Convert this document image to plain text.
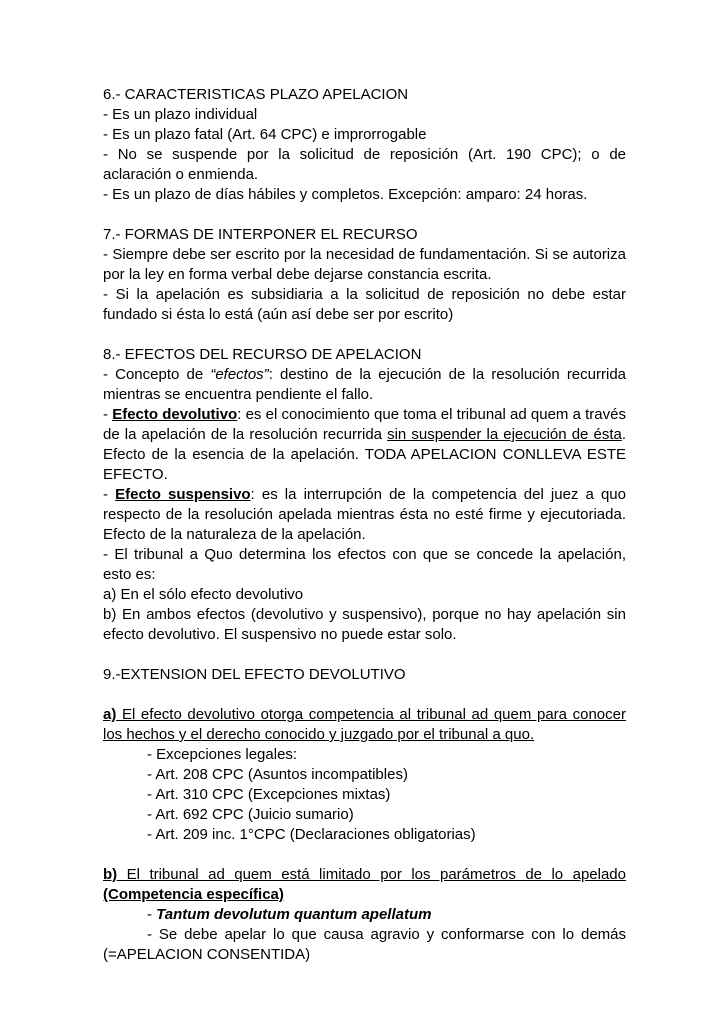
6.- CARACTERISTICAS PLAZO APELACION

- Es un plazo individual

- Es un plazo fatal (Art. 64 CPC) e improrrogable

- No se suspende por la solicitud de reposición (Art. 190 CPC); o de aclaración o enmienda.

- Es un plazo de días hábiles y completos. Excepción: amparo: 24 horas.

7.- FORMAS DE INTERPONER EL RECURSO

- Siempre debe ser escrito por la necesidad de fundamentación. Si se autoriza por la ley en forma verbal debe dejarse constancia escrita.

- Si la apelación es subsidiaria a la solicitud de reposición no debe estar fundado si ésta lo está (aún así debe ser por escrito)

8.- EFECTOS DEL RECURSO DE APELACION

- Concepto de “efectos”: destino de la ejecución de la resolución recurrida mientras se encuentra pendiente el fallo.

- Efecto devolutivo: es el conocimiento que toma el tribunal ad quem a través de la apelación de la resolución recurrida sin suspender la ejecución de ésta. Efecto de la esencia de la apelación. TODA APELACION CONLLEVA ESTE EFECTO.

- Efecto suspensivo: es la interrupción de la competencia del juez a quo respecto de la resolución apelada mientras ésta no esté firme y ejecutoriada. Efecto de la naturaleza de la apelación.

- El tribunal a Quo determina los efectos con que se concede la apelación, esto es:

a) En el sólo efecto devolutivo

b) En ambos efectos (devolutivo y suspensivo), porque no hay apelación sin efecto devolutivo. El suspensivo no puede estar solo.

9.-EXTENSION DEL EFECTO DEVOLUTIVO

a) El efecto devolutivo otorga competencia al tribunal ad quem para conocer los hechos y el derecho conocido y juzgado por el tribunal a quo.

- Excepciones legales:

- Art. 208 CPC (Asuntos incompatibles)

- Art. 310 CPC (Excepciones mixtas)

- Art. 692 CPC (Juicio sumario)

- Art. 209 inc. 1°CPC (Declaraciones obligatorias)

b) El tribunal ad quem está limitado por los parámetros de lo apelado (Competencia específica)

- Tantum devolutum quantum apellatum

- Se debe apelar lo que causa agravio y conformarse con lo demás (=APELACION CONSENTIDA)
